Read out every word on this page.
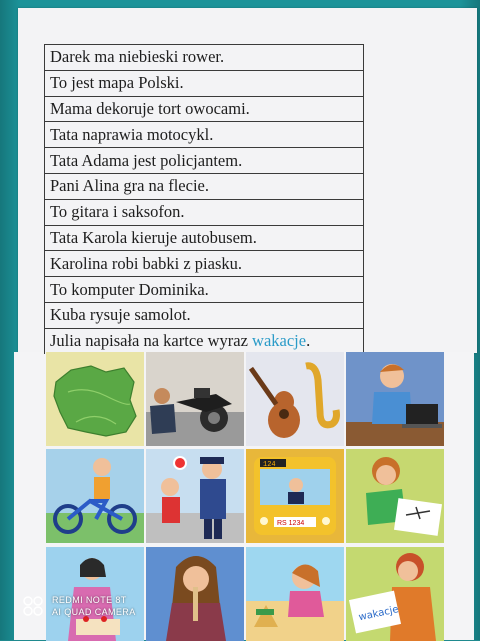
Darek ma niebieski rower.
To jest mapa Polski.
Mama dekoruje tort owocami.
Tata naprawia motocykl.
Tata Adama jest policjantem.
Pani Alina gra na flecie.
To gitara i saksofon.
Tata Karola kieruje autobusem.
Karolina robi babki z piasku.
To komputer Dominika.
Kuba rysuje samolot.
Julia napisała na kartce wyraz wakacje.
124
RS 1234
wakacje
REDMI NOTE 8T
AI QUAD CAMERA
